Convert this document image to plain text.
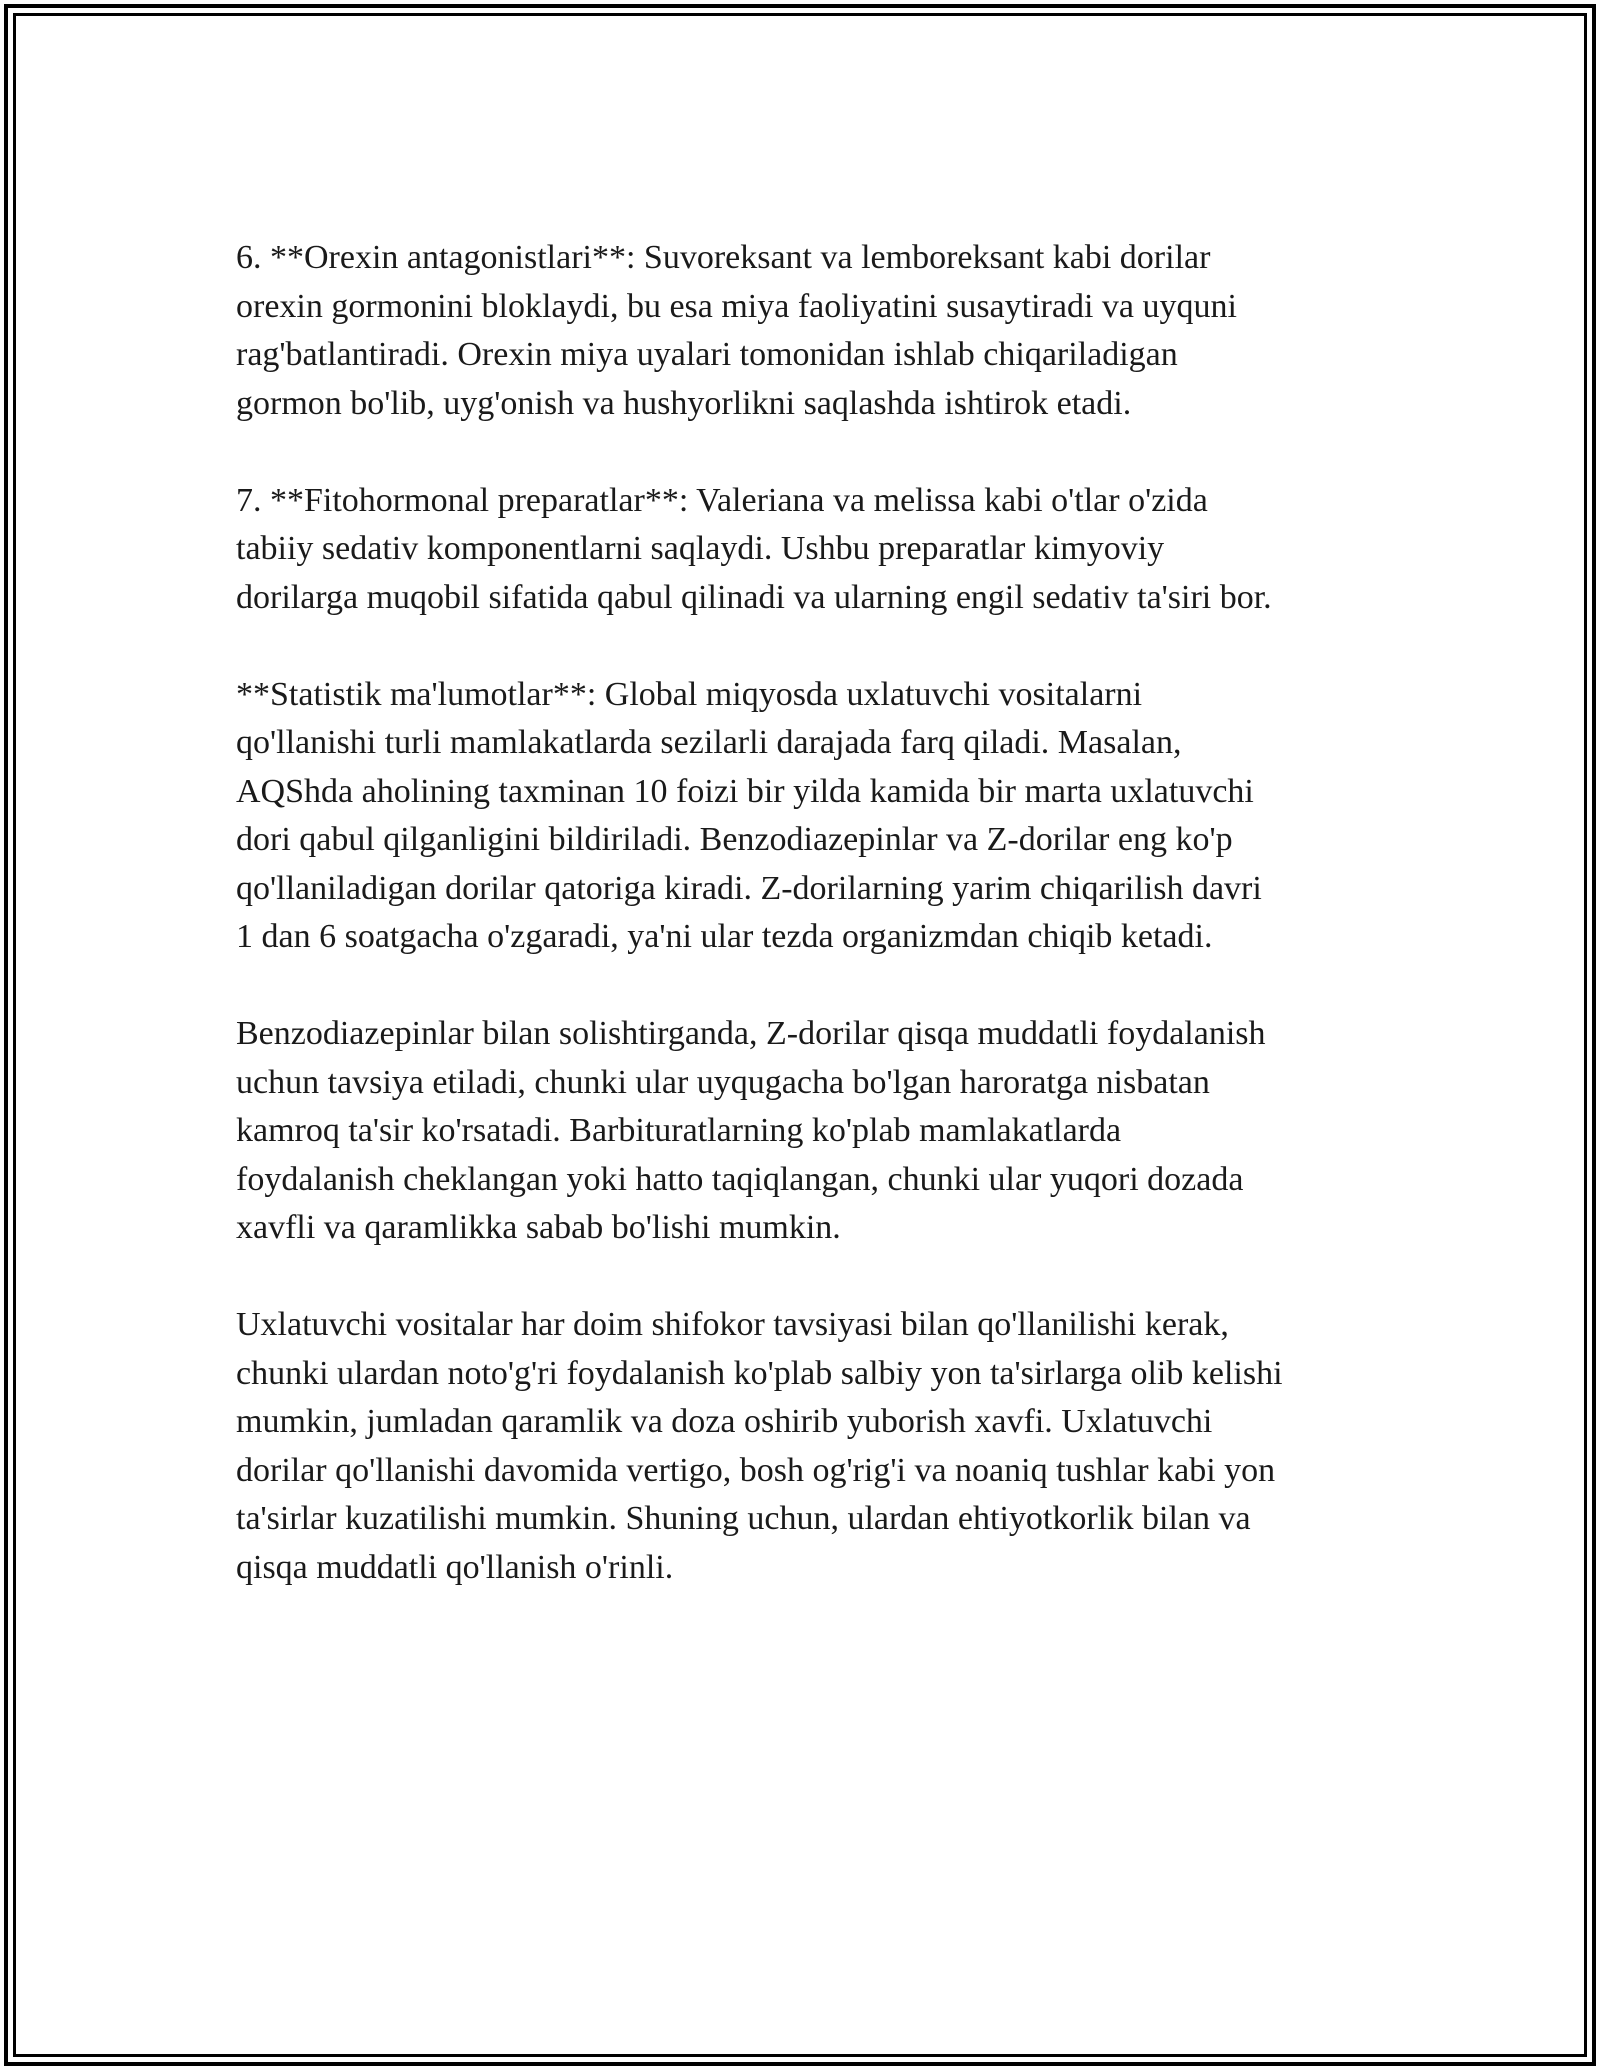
6. **Orexin antagonistlari**: Suvoreksant va lemboreksant kabi dorilar
orexin gormonini bloklaydi, bu esa miya faoliyatini susaytiradi va uyquni
rag'batlantiradi. Orexin miya uyalari tomonidan ishlab chiqariladigan
gormon bo'lib, uyg'onish va hushyorlikni saqlashda ishtirok etadi.

7. **Fitohormonal preparatlar**: Valeriana va melissa kabi o'tlar o'zida
tabiiy sedativ komponentlarni saqlaydi. Ushbu preparatlar kimyoviy
dorilarga muqobil sifatida qabul qilinadi va ularning engil sedativ ta'siri bor.

**Statistik ma'lumotlar**: Global miqyosda uxlatuvchi vositalarni
qo'llanishi turli mamlakatlarda sezilarli darajada farq qiladi. Masalan,
AQShda aholining taxminan 10 foizi bir yilda kamida bir marta uxlatuvchi
dori qabul qilganligini bildiriladi. Benzodiazepinlar va Z-dorilar eng ko'p
qo'llaniladigan dorilar qatoriga kiradi. Z-dorilarning yarim chiqarilish davri
1 dan 6 soatgacha o'zgaradi, ya'ni ular tezda organizmdan chiqib ketadi.

Benzodiazepinlar bilan solishtirganda, Z-dorilar qisqa muddatli foydalanish
uchun tavsiya etiladi, chunki ular uyqugacha bo'lgan haroratga nisbatan
kamroq ta'sir ko'rsatadi. Barbituratlarning ko'plab mamlakatlarda
foydalanish cheklangan yoki hatto taqiqlangan, chunki ular yuqori dozada
xavfli va qaramlikka sabab bo'lishi mumkin.

Uxlatuvchi vositalar har doim shifokor tavsiyasi bilan qo'llanilishi kerak,
chunki ulardan noto'g'ri foydalanish ko'plab salbiy yon ta'sirlarga olib kelishi
mumkin, jumladan qaramlik va doza oshirib yuborish xavfi. Uxlatuvchi
dorilar qo'llanishi davomida vertigo, bosh og'rig'i va noaniq tushlar kabi yon
ta'sirlar kuzatilishi mumkin. Shuning uchun, ulardan ehtiyotkorlik bilan va
qisqa muddatli qo'llanish o'rinli.
